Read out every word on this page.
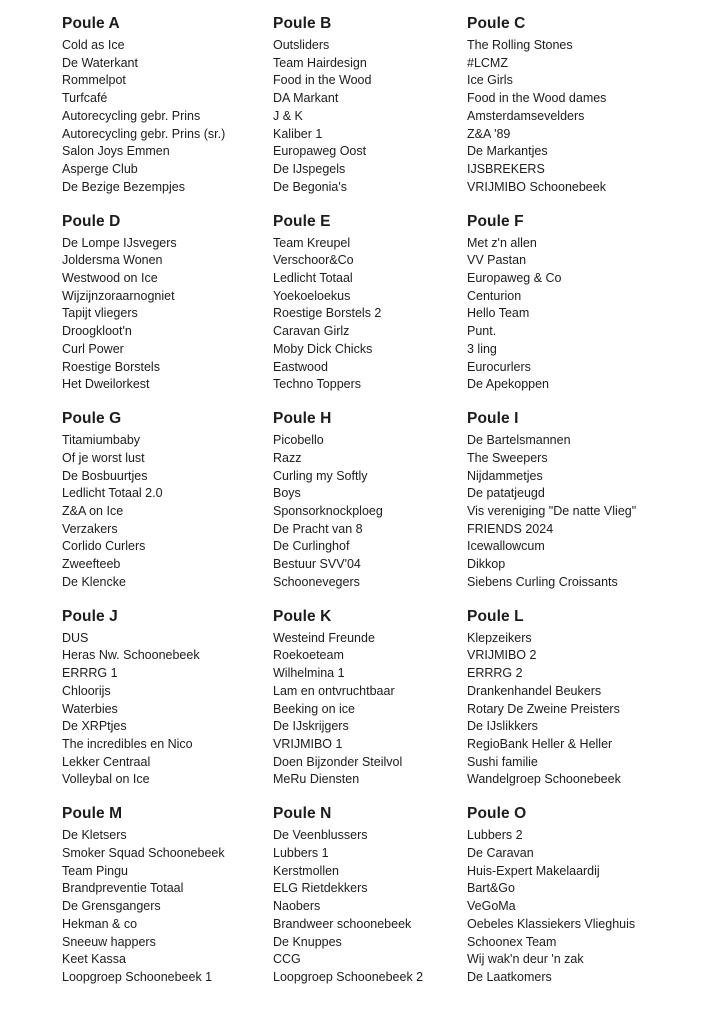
Poule A
Cold as Ice
De Waterkant
Rommelpot
Turfcafé
Autorecycling gebr. Prins
Autorecycling gebr. Prins (sr.)
Salon Joys Emmen
Asperge Club
De Bezige Bezempjes
Poule B
Outsliders
Team Hairdesign
Food in the Wood
DA Markant
J & K
Kaliber 1
Europaweg Oost
De IJspegels
De Begonia's
Poule C
The Rolling Stones
#LCMZ
Ice Girls
Food in the Wood dames
Amsterdamsevelders
Z&A '89
De Markantjes
IJSBREKERS
VRIJMIBO Schoonebeek
Poule D
De Lompe IJsvegers
Joldersma Wonen
Westwood on Ice
Wijzijnzoraarnogniet
Tapijt vliegers
Droogkloot'n
Curl Power
Roestige Borstels
Het Dweilorkest
Poule E
Team Kreupel
Verschoor&Co
Ledlicht Totaal
Yoekoeloekus
Roestige Borstels 2
Caravan Girlz
Moby Dick Chicks
Eastwood
Techno Toppers
Poule F
Met z'n allen
VV Pastan
Europaweg & Co
Centurion
Hello Team
Punt.
3 ling
Eurocurlers
De Apekoppen
Poule G
Titamiumbaby
Of je worst lust
De Bosbuurtjes
Ledlicht Totaal 2.0
Z&A on Ice
Verzakers
Corlido Curlers
Zweefteeb
De Klencke
Poule H
Picobello
Razz
Curling my Softly
Boys
Sponsorknockploeg
De Pracht van 8
De Curlinghof
Bestuur SVV'04
Schoonevegers
Poule I
De Bartelsmannen
The Sweepers
Nijdammetjes
De patatjeugd
Vis vereniging "De natte Vlieg"
FRIENDS 2024
Icewallowcum
Dikkop
Siebens Curling Croissants
Poule J
DUS
Heras Nw. Schoonebeek
ERRRG 1
Chloorijs
Waterbies
De XRPtjes
The incredibles en Nico
Lekker Centraal
Volleybal on Ice
Poule K
Westeind Freunde
Roekoeteam
Wilhelmina 1
Lam en ontvruchtbaar
Beeking on ice
De IJskrijgers
VRIJMIBO 1
Doen Bijzonder Steilvol
MeRu Diensten
Poule L
Klepzeikers
VRIJMIBO 2
ERRRG 2
Drankenhandel Beukers
Rotary De Zweine Preisters
De IJslikkers
RegioBank Heller & Heller
Sushi familie
Wandelgroep Schoonebeek
Poule M
De Kletsers
Smoker Squad Schoonebeek
Team Pingu
Brandpreventie Totaal
De Grensgangers
Hekman & co
Sneeuw happers
Keet Kassa
Loopgroep Schoonebeek 1
Poule N
De Veenblussers
Lubbers 1
Kerstmollen
ELG Rietdekkers
Naobers
Brandweer schoonebeek
De Knuppes
CCG
Loopgroep Schoonebeek 2
Poule O
Lubbers 2
De Caravan
Huis-Expert Makelaardij
Bart&Go
VeGoMa
Oebeles Klassiekers Vlieghuis
Schoonex Team
Wij wak'n deur 'n zak
De Laatkomers
